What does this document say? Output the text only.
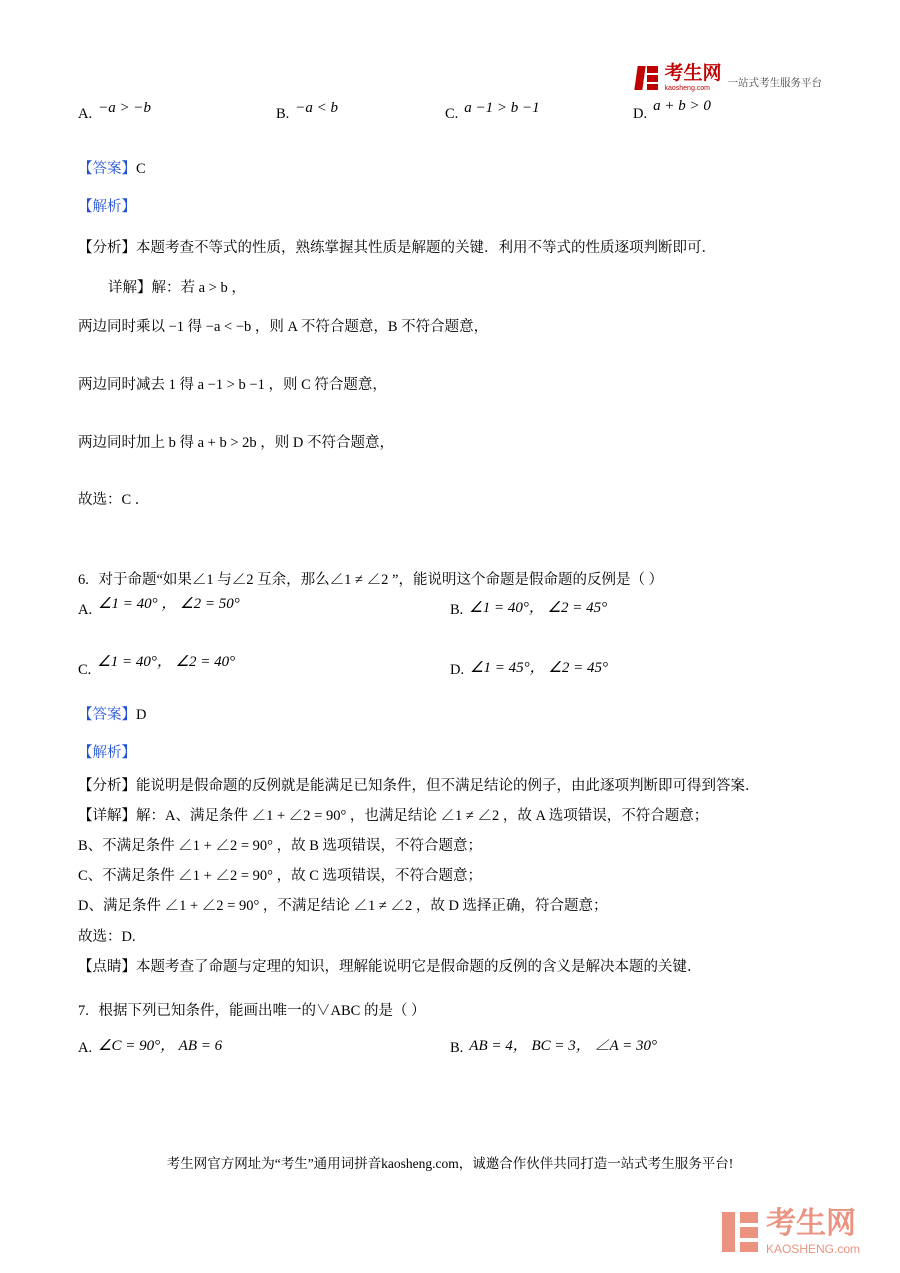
考生网
kaosheng.com	一站式考生服务平台
A. −a > −b	B. −a < b	C. a −1 > b −1	D. a + b > 0
【答案】C
【解析】
【分析】本题考查不等式的性质，熟练掌握其性质是解题的关键．利用不等式的性质逐项判断即可．
详解】解：若 a > b ，
两边同时乘以 −1 得 −a < −b ，则 A 不符合题意，B 不符合题意，
两边同时减去 1 得 a −1 > b −1 ，则 C 符合题意，
两边同时加上 b 得 a + b > 2b ，则 D 不符合题意，
故选：C ．
6. 对于命题“如果∠1 与∠2 互余，那么∠1 ≠ ∠2 ”，能说明这个命题是假命题的反例是（ ）
A. ∠1 = 40° ， ∠2 = 50°	B. ∠1 = 40°， ∠2 = 45°
C. ∠1 = 40°， ∠2 = 40°	D. ∠1 = 45°， ∠2 = 45°
【答案】D
【解析】
【分析】能说明是假命题的反例就是能满足已知条件，但不满足结论的例子，由此逐项判断即可得到答案．
【详解】解：A、满足条件 ∠1 + ∠2 = 90° ，也满足结论 ∠1 ≠ ∠2 ，故 A 选项错误，不符合题意；
B、不满足条件 ∠1 + ∠2 = 90° ，故 B 选项错误，不符合题意；
C、不满足条件 ∠1 + ∠2 = 90° ，故 C 选项错误，不符合题意；
D、满足条件 ∠1 + ∠2 = 90° ，不满足结论 ∠1 ≠ ∠2 ，故 D 选择正确，符合题意；
故选：D.
【点睛】本题考查了命题与定理的知识，理解能说明它是假命题的反例的含义是解决本题的关键．
7. 根据下列已知条件，能画出唯一的∨ABC 的是（ ）
A. ∠C = 90°， AB = 6	B. AB = 4， BC = 3， ∠A = 30°
考生网官方网址为“考生”通用词拼音kaosheng.com，诚邀合作伙伴共同打造一站式考生服务平台!
考生网
KAOSHENG.com
